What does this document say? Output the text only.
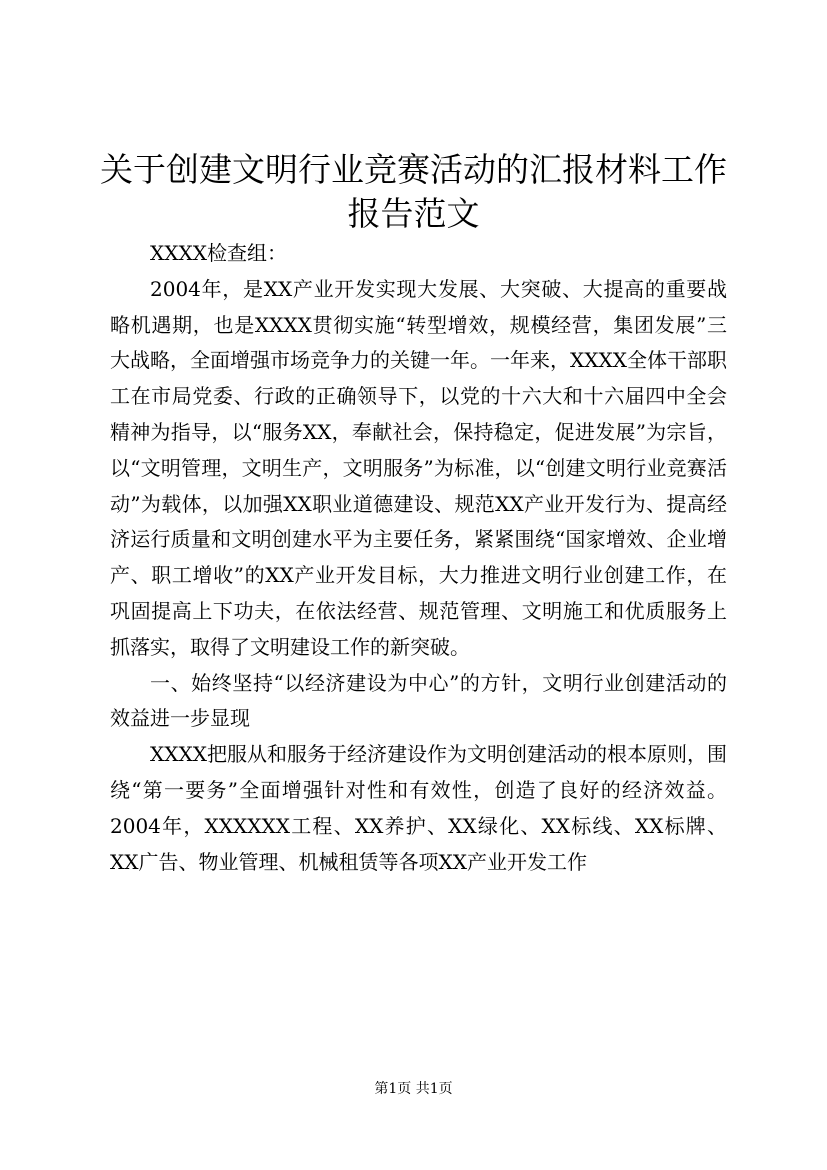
关于创建文明行业竞赛活动的汇报材料工作报告范文

XXXX检查组：

2004年，是XX产业开发实现大发展、大突破、大提高的重要战略机遇期，也是XXXX贯彻实施“转型增效，规模经营，集团发展”三大战略，全面增强市场竞争力的关键一年。一年来，XXXX全体干部职工在市局党委、行政的正确领导下，以党的十六大和十六届四中全会精神为指导，以“服务XX，奉献社会，保持稳定，促进发展”为宗旨，以“文明管理，文明生产，文明服务”为标准，以“创建文明行业竞赛活动”为载体，以加强XX职业道德建设、规范XX产业开发行为、提高经济运行质量和文明创建水平为主要任务，紧紧围绕“国家增效、企业增产、职工增收”的XX产业开发目标，大力推进文明行业创建工作，在巩固提高上下功夫，在依法经营、规范管理、文明施工和优质服务上抓落实，取得了文明建设工作的新突破。

一、始终坚持“以经济建设为中心”的方针，文明行业创建活动的效益进一步显现

XXXX把服从和服务于经济建设作为文明创建活动的根本原则，围绕“第一要务”全面增强针对性和有效性，创造了良好的经济效益。2004年，XXXXXX工程、XX养护、XX绿化、XX标线、XX标牌、XX广告、物业管理、机械租赁等各项XX产业开发工作

第1页 共1页
